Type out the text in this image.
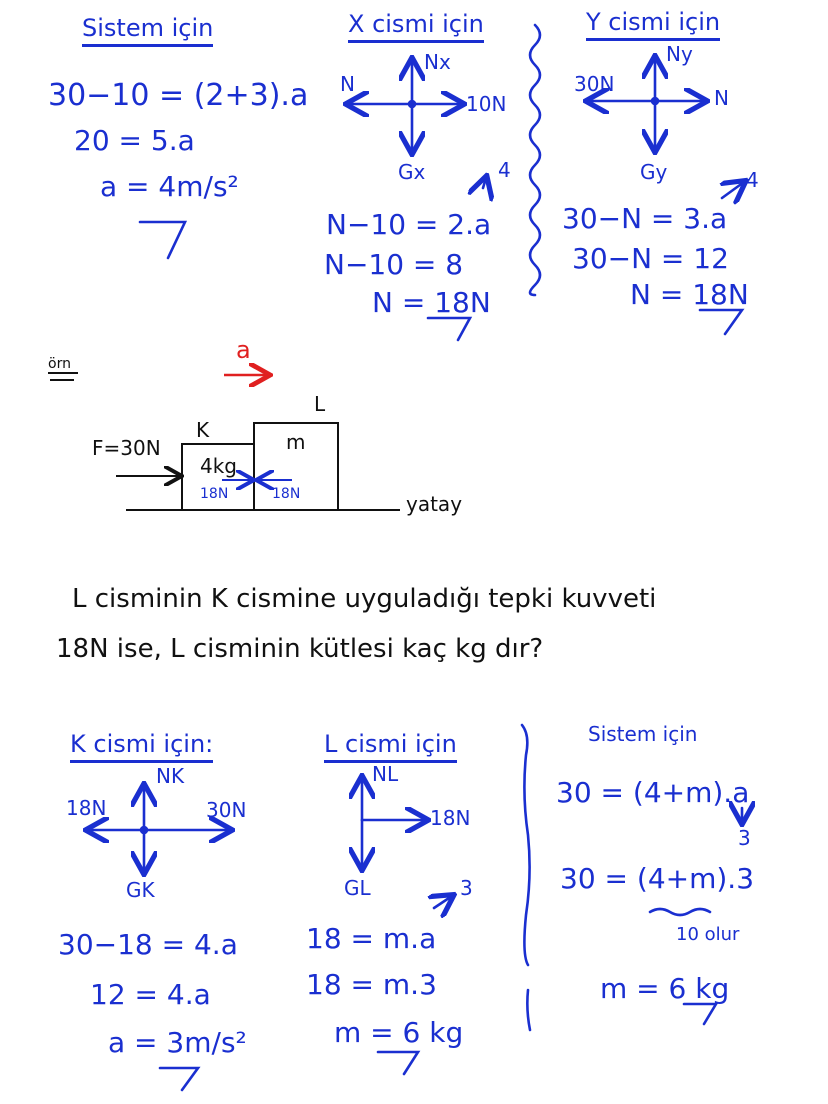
Sistem için
30−10 = (2+3).a
20 = 5.a
a = 4m/s²
X cismi için
Nx
N
10N
Gx	4
N−10 = 2.a
N−10 = 8
N = 18N
Y cismi için
Ny
30N
N
Gy	4
30−N = 3.a
30−N = 12
N = 18N
örn	a
F=30N
K
4kg
18N
L
m
18N	yatay
L cisminin K cismine uyguladığı tepki kuvveti
18N ise, L cisminin kütlesi kaç kg dır?
K cismi için:
NK
18N	30N
GK
30−18 = 4.a
12 = 4.a
a = 3m/s²
L cismi için
NL
18N
GL	3
18 = m.a
18 = m.3
m = 6 kg
Sistem için
30 = (4+m).a
3
30 = (4+m).3
10 olur
m = 6 kg
